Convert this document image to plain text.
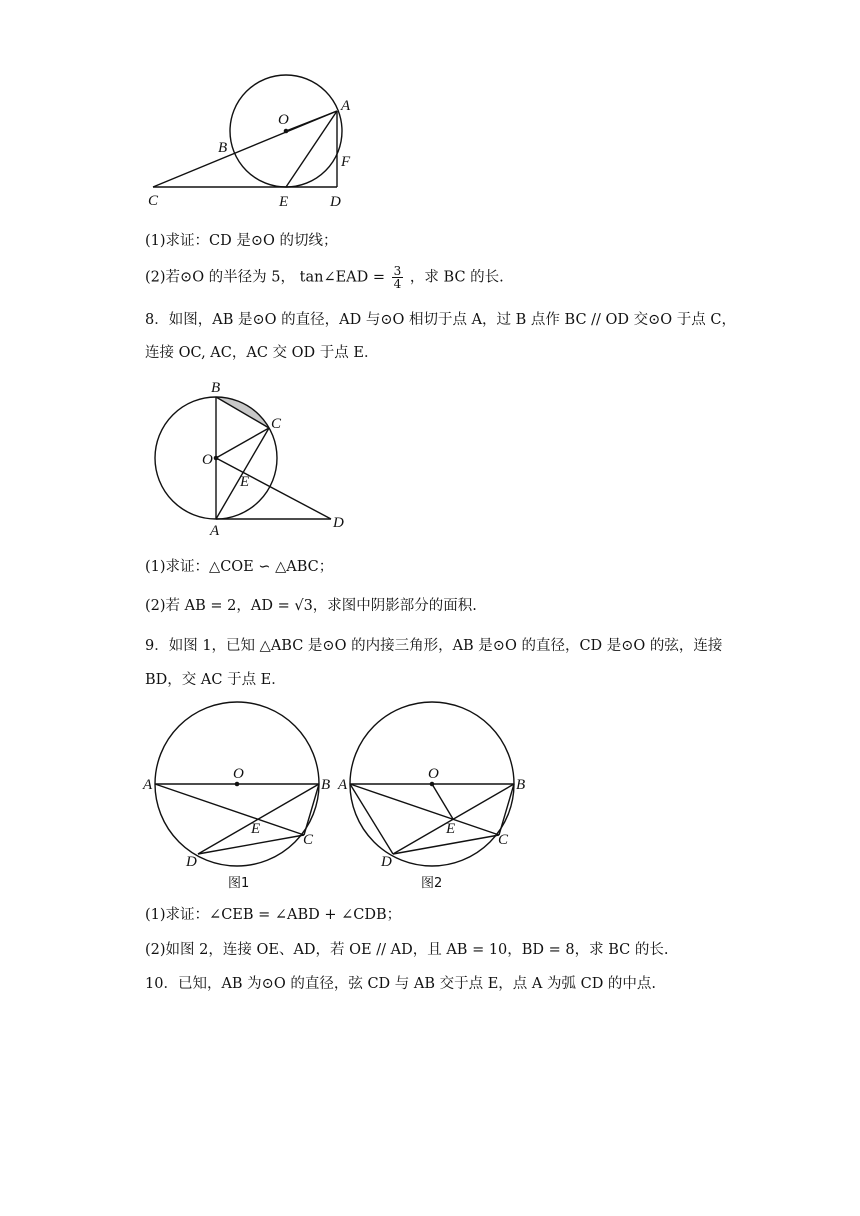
O
A
B
C	E	D
F
(1)求证：CD 是⊙O 的切线；
(2)若⊙O 的半径为 5， tan∠EAD = $\frac{3}{4}$ ，求 BC 的长.
8．如图，AB 是⊙O 的直径，AD 与⊙O 相切于点 A，过 B 点作 BC // OD 交⊙O 于点 C，
连接 OC, AC，AC 交 OD 于点 E．
B
C
O
E
A	D
(1)求证：△COE ∽ △ABC；
(2)若 AB = 2，AD = √3，求图中阴影部分的面积.
9．如图 1，已知 △ABC 是⊙O 的内接三角形，AB 是⊙O 的直径，CD 是⊙O 的弦，连接
BD，交 AC 于点 E．
A
O
B
E
C
D
图1
A
O
B
E
C
D
图2
(1)求证：∠CEB = ∠ABD + ∠CDB；
(2)如图 2，连接 OE、AD，若 OE // AD，且 AB = 10，BD = 8，求 BC 的长.
10．已知，AB 为⊙O 的直径，弦 CD 与 AB 交于点 E，点 A 为弧 CD 的中点.
